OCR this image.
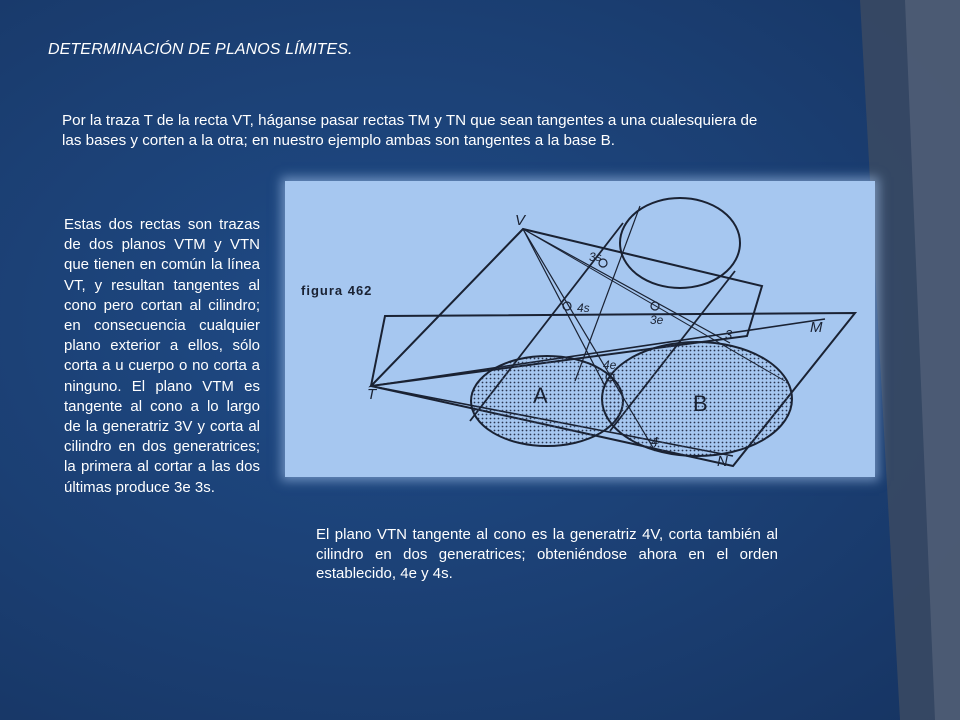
DETERMINACIÓN DE PLANOS LÍMITES.
Por la traza T de la recta VT, háganse pasar rectas TM y TN que sean tangentes a una cualesquiera de las bases y corten a la otra; en nuestro ejemplo ambas son tangentes a la base B.
Estas dos rectas son trazas de dos planos VTM y VTN que tienen en común la línea VT, y resultan tangentes al cono pero cortan al cilindro; en consecuencia cualquier plano exterior a ellos, sólo corta a u cuerpo o no corta a ninguno. El plano VTM es tangente al cono a lo largo de la generatriz 3V y corta al cilindro en dos generatrices; la primera al cortar a las dos últimas produce 3e 3s.
V
T
M
N
A	B
3
4
3s
4s
3e
4e
figura 462
El plano VTN tangente al cono es la generatriz 4V, corta también al cilindro en dos generatrices; obteniéndose ahora en el orden establecido, 4e y 4s.
